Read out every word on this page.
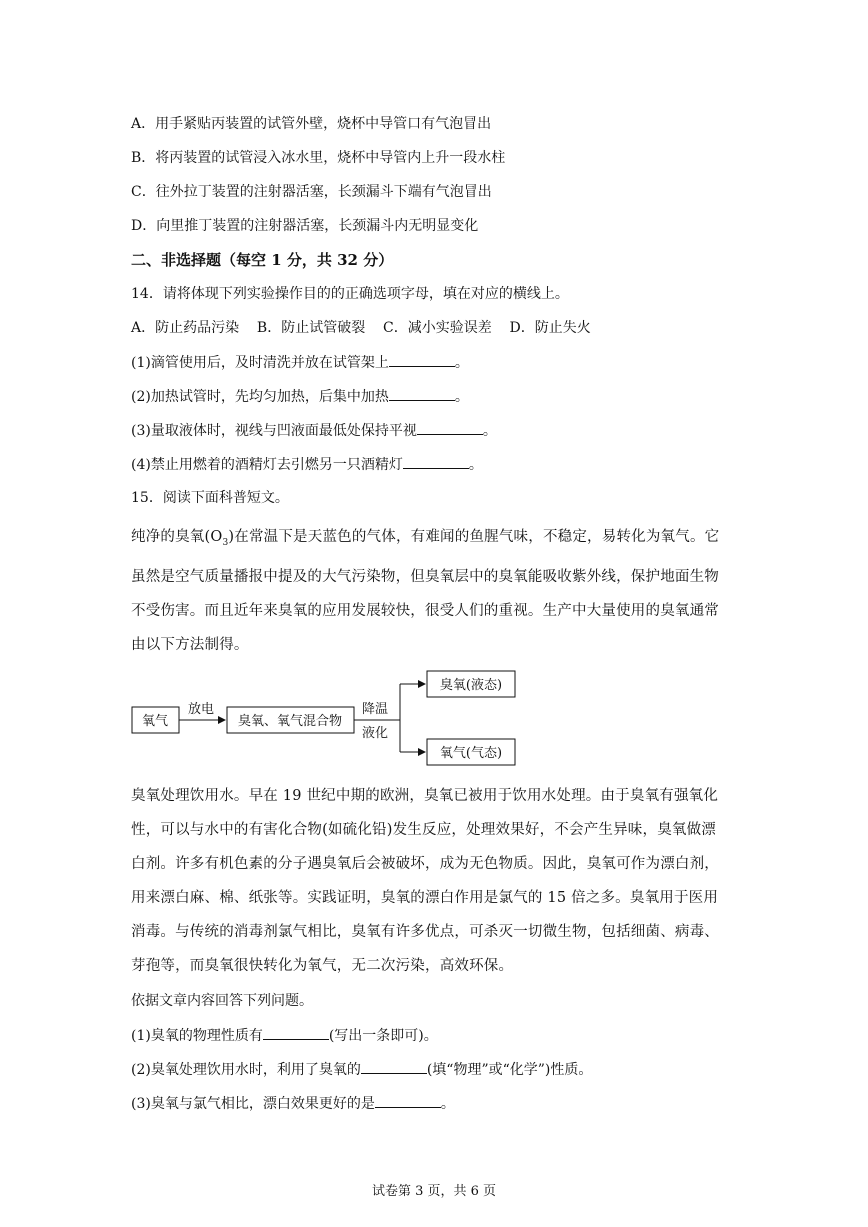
A．用手紧贴丙装置的试管外壁，烧杯中导管口有气泡冒出
B．将丙装置的试管浸入冰水里，烧杯中导管内上升一段水柱
C．往外拉丁装置的注射器活塞，长颈漏斗下端有气泡冒出
D．向里推丁装置的注射器活塞，长颈漏斗内无明显变化
二、非选择题（每空 1 分，共 32 分）
14．请将体现下列实验操作目的的正确选项字母，填在对应的横线上。
A．防止药品污染    B．防止试管破裂    C．减小实验误差    D．防止失火
(1)滴管使用后，及时清洗并放在试管架上	。
(2)加热试管时，先均匀加热，后集中加热	。
(3)量取液体时，视线与凹液面最低处保持平视	。
(4)禁止用燃着的酒精灯去引燃另一只酒精灯	。
15．阅读下面科普短文。

纯净的臭氧$(O_3)$在常温下是天蓝色的气体，有难闻的鱼腥气味，不稳定，易转化为氧气。它

虽然是空气质量播报中提及的大气污染物，但臭氧层中的臭氧能吸收紫外线，保护地面生物

不受伤害。而且近年来臭氧的应用发展较快，很受人们的重视。生产中大量使用的臭氧通常

由以下方法制得。

氧气
放电
臭氧、氧气混合物
降温
液化
臭氧(液态)
氧气(气态)

臭氧处理饮用水。早在 19 世纪中期的欧洲，臭氧已被用于饮用水处理。由于臭氧有强氧化

性，可以与水中的有害化合物(如硫化铅)发生反应，处理效果好，不会产生异味，臭氧做漂

白剂。许多有机色素的分子遇臭氧后会被破坏，成为无色物质。因此，臭氧可作为漂白剂，

用来漂白麻、棉、纸张等。实践证明，臭氧的漂白作用是氯气的 15 倍之多。臭氧用于医用

消毒。与传统的消毒剂氯气相比，臭氧有许多优点，可杀灭一切微生物，包括细菌、病毒、

芽孢等，而臭氧很快转化为氧气，无二次污染，高效环保。

依据文章内容回答下列问题。
(1)臭氧的物理性质有	(写出一条即可)。
(2)臭氧处理饮用水时，利用了臭氧的	(填“物理”或“化学”)性质。
(3)臭氧与氯气相比，漂白效果更好的是	。
试卷第 3 页，共 6 页
